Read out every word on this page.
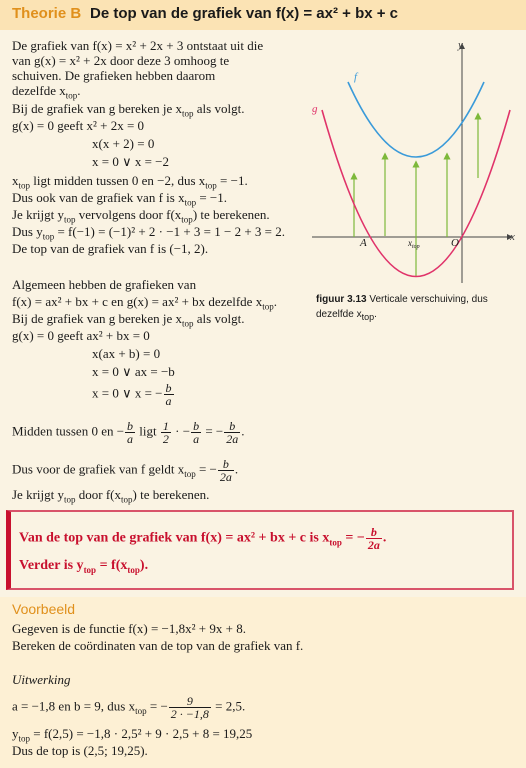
Theorie B De top van de grafiek van f(x) = ax² + bx + c
De grafiek van f(x) = x² + 2x + 3 ontstaat uit die
van g(x) = x² + 2x door deze 3 omhoog te
schuiven. De grafieken hebben daarom
dezelfde $x_{top}$.
Bij de grafiek van g bereken je $x_{top}$ als volgt.
g(x) = 0 geeft x² + 2x = 0
x(x + 2) = 0
x = 0 ∨ x = −2
$x_{top}$ ligt midden tussen 0 en −2, dus $x_{top} = -1$.
Dus ook van de grafiek van f is $x_{top} = -1$.
Je krijgt $y_{top}$ vervolgens door $f(x_{top})$ te berekenen.
Dus $y_{top} = f(-1) = (-1)^2 + 2 \cdot -1 + 3 = 1 - 2 + 3 = 2$.
De top van de grafiek van f is (−1, 2).
f
g
y
x
A	O
$x_{top}$
figuur 3.13 Verticale verschuiving, dus dezelfde $x_{top}$.
Algemeen hebben de grafieken van
f(x) = ax² + bx + c en g(x) = ax² + bx dezelfde $x_{top}$.
Bij de grafiek van g bereken je $x_{top}$ als volgt.
g(x) = 0 geeft ax² + bx = 0
x(ax + b) = 0
x = 0 ∨ ax = −b
x = 0 ∨ x = − $\frac{b}{a}$
Midden tussen 0 en − $\frac{b}{a}$ ligt $\frac{1}{2}$ · − $\frac{b}{a}$ = − $\frac{b}{2a}$ .
Dus voor de grafiek van f geldt $x_{top}$ = − $\frac{b}{2a}$ .
Je krijgt $y_{top}$ door $f(x_{top})$ te berekenen.
Van de top van de grafiek van f(x) = ax² + bx + c is $x_{top}$ = − $\frac{b}{2a}$ .
Verder is $y_{top} = f(x_{top})$.
Voorbeeld
Gegeven is de functie f(x) = −1,8x² + 9x + 8.
Bereken de coördinaten van de top van de grafiek van f.
Uitwerking
a = −1,8 en b = 9, dus $x_{top}$ = − $\frac{9}{2 \cdot -1,8} = 2,5$.
$y_{top} = f(2,5) = -1,8 \cdot 2,5^2 + 9 \cdot 2,5 + 8 = 19,25$
Dus de top is (2,5; 19,25).
